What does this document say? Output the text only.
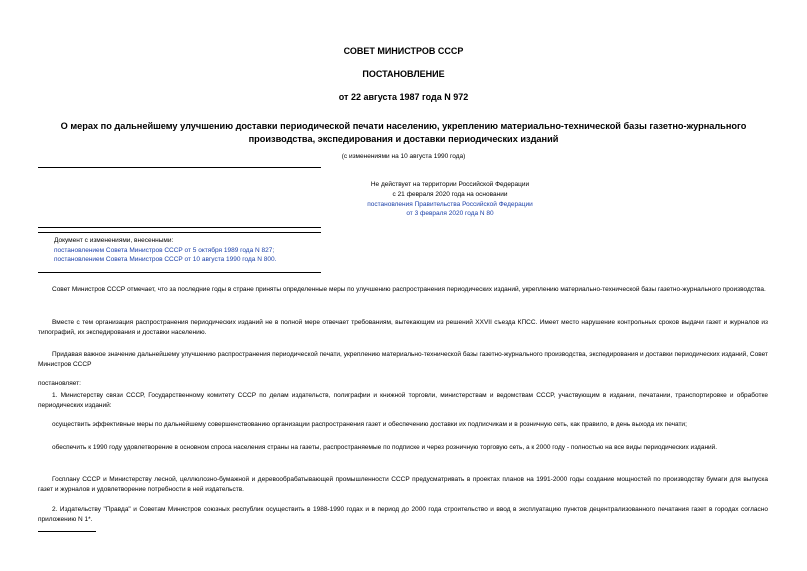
СОВЕТ МИНИСТРОВ СССР
ПОСТАНОВЛЕНИЕ
от 22 августа 1987 года N 972
О мерах по дальнейшему улучшению доставки периодической печати населению, укреплению материально-технической базы газетно-журнального производства, экспедирования и доставки периодических изданий
(с изменениями на 10 августа 1990 года)
Не действует на территории Российской Федерации
с 21 февраля 2020 года на основании
постановления Правительства Российской Федерации
от 3 февраля 2020 года N 80
Документ с изменениями, внесенными:
постановлением Совета Министров СССР от 5 октября 1989 года N 827;
постановлением Совета Министров СССР от 10 августа 1990 года N 800.
Совет Министров СССР отмечает, что за последние годы в стране приняты определенные меры по улучшению распространения периодических изданий, укреплению материально-технической базы газетно-журнального производства.
Вместе с тем организация распространения периодических изданий не в полной мере отвечает требованиям, вытекающим из решений XXVII съезда КПСС. Имеет место нарушение контрольных сроков выдачи газет и журналов из типографий, их экспедирования и доставки населению.
Придавая важное значение дальнейшему улучшению распространения периодической печати, укреплению материально-технической базы газетно-журнального производства, экспедирования и доставки периодических изданий, Совет Министров СССР
постановляет:
1. Министерству связи СССР, Государственному комитету СССР по делам издательств, полиграфии и книжной торговли, министерствам и ведомствам СССР, участвующим в издании, печатании, транспортировке и обработке периодических изданий:
осуществить эффективные меры по дальнейшему совершенствованию организации распространения газет и обеспечению доставки их подписчикам и в розничную сеть, как правило, в день выхода их печати;
обеспечить к 1990 году удовлетворение в основном спроса населения страны на газеты, распространяемые по подписке и через розничную торговую сеть, а к 2000 году - полностью на все виды периодических изданий.
Госплану СССР и Министерству лесной, целлюлозно-бумажной и деревообрабатывающей промышленности СССР предусматривать в проектах планов на 1991-2000 годы создание мощностей по производству бумаги для выпуска газет и журналов и удовлетворение потребности в ней издательств.
2. Издательству "Правда" и Советам Министров союзных республик осуществить в 1988-1990 годах и в период до 2000 года строительство и ввод в эксплуатацию пунктов децентрализованного печатания газет в городах согласно приложению N 1*.
